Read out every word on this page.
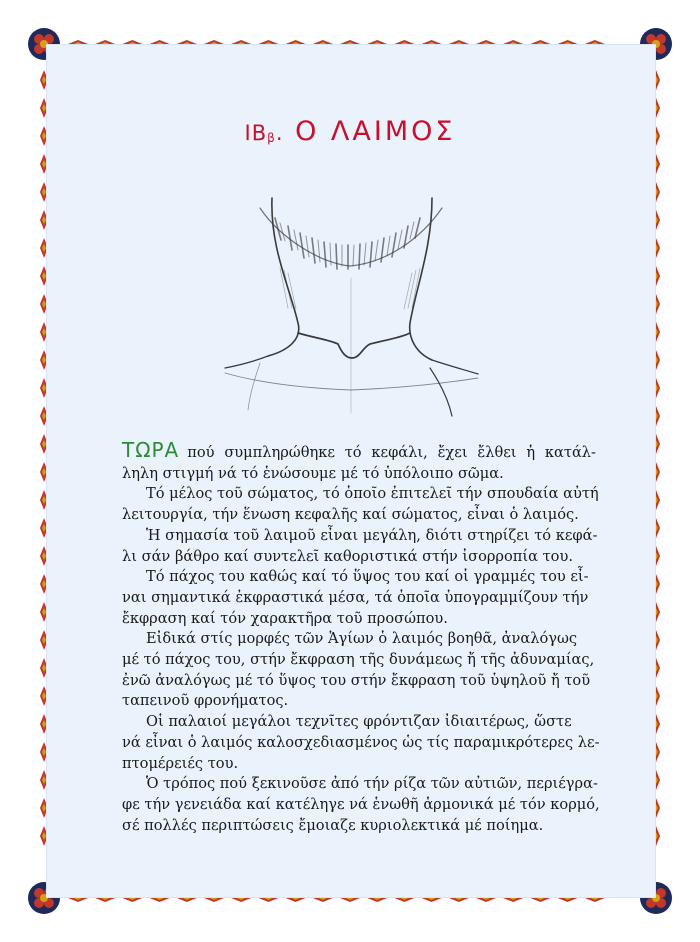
ΙΒβ. Ο ΛΑΙΜΟΣ
ΤΩΡΑ πού συμπληρώθηκε τό κεφάλι, ἔχει ἔλθει ἡ κατάλ-
ληλη στιγμή νά τό ἑνώσουμε μέ τό ὑπόλοιπο σῶμα.
Τό μέλος τοῦ σώματος, τό ὁποῖο ἐπιτελεῖ τήν σπουδαία αὐτή
λειτουργία, τήν ἕνωση κεφαλῆς καί σώματος, εἶναι ὁ λαιμός.
Ἡ σημασία τοῦ λαιμοῦ εἶναι μεγάλη, διότι στηρίζει τό κεφά-
λι σάν βάθρο καί συντελεῖ καθοριστικά στήν ἰσορροπία του.
Τό πάχος του καθώς καί τό ὕψος του καί οἱ γραμμές του εἶ-
ναι σημαντικά ἐκφραστικά μέσα, τά ὁποῖα ὑπογραμμίζουν τήν
ἔκφραση καί τόν χαρακτῆρα τοῦ προσώπου.
Εἰδικά στίς μορφές τῶν Ἁγίων ὁ λαιμός βοηθᾶ, ἀναλόγως
μέ τό πάχος του, στήν ἔκφραση τῆς δυνάμεως ἤ τῆς ἀδυναμίας,
ἐνῶ ἀναλόγως μέ τό ὕψος του στήν ἔκφραση τοῦ ὑψηλοῦ ἤ τοῦ
ταπεινοῦ φρονήματος.
Οἱ παλαιοί μεγάλοι τεχνῖτες φρόντιζαν ἰδιαιτέρως, ὥστε
νά εἶναι ὁ λαιμός καλοσχεδιασμένος ὡς τίς παραμικρότερες λε-
πτομέρειές του.
Ὁ τρόπος πού ξεκινοῦσε ἀπό τήν ρίζα τῶν αὐτιῶν, περιέγρα-
φε τήν γενειάδα καί κατέληγε νά ἑνωθῆ ἁρμονικά μέ τόν κορμό,
σέ πολλές περιπτώσεις ἔμοιαζε κυριολεκτικά μέ ποίημα.
